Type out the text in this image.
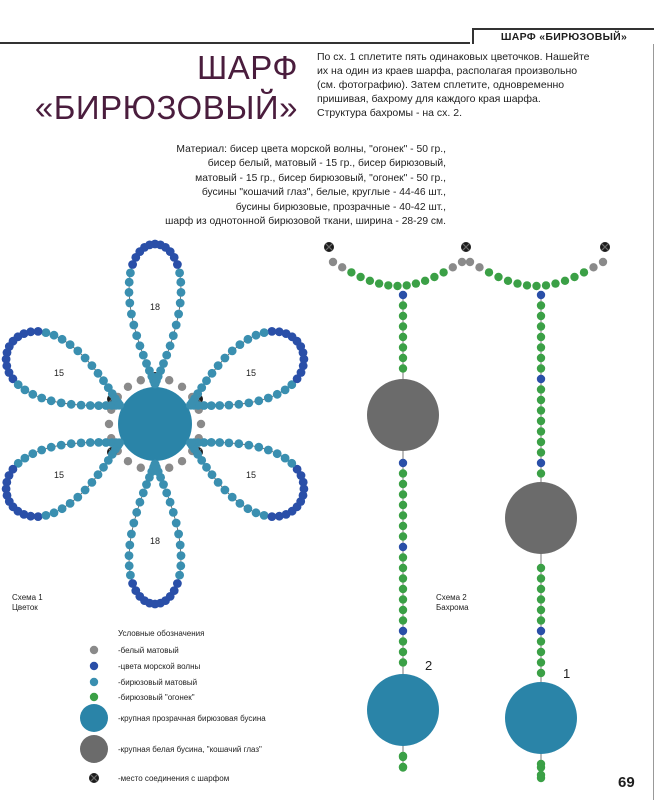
ШАРФ «БИРЮЗОВЫЙ»
ШАРФ
«БИРЮЗОВЫЙ»
По сх. 1 сплетите пять одинаковых цветочков. Нашейте
их на один из краев шарфа, располагая произвольно
(см. фотографию). Затем сплетите, одновременно
пришивая, бахрому для каждого края шарфа.
Структура бахромы - на сх. 2.
Материал: бисер цвета морской волны, "огонек" - 50 гр.,
бисер белый, матовый - 15 гр., бисер бирюзовый,
матовый - 15 гр., бисер бирюзовый, "огонек" - 50 гр.,
бусины "кошачий глаз", белые, круглые - 44-46 шт.,
бусины бирюзовые, прозрачные - 40-42 шт.,
шарф из однотонной бирюзовой ткани, ширина - 28-29 см.
18
15	15
15	15
18
2
1
Схема 1
Цветок
Схема 2
Бахрома
Условные обозначения
-белый матовый
-цвета морской волны
-бирюзовый матовый
-бирюзовый "огонек"
-крупная прозрачная бирюзовая бусина
-крупная белая бусина, "кошачий глаз"
-место соединения с шарфом	69
